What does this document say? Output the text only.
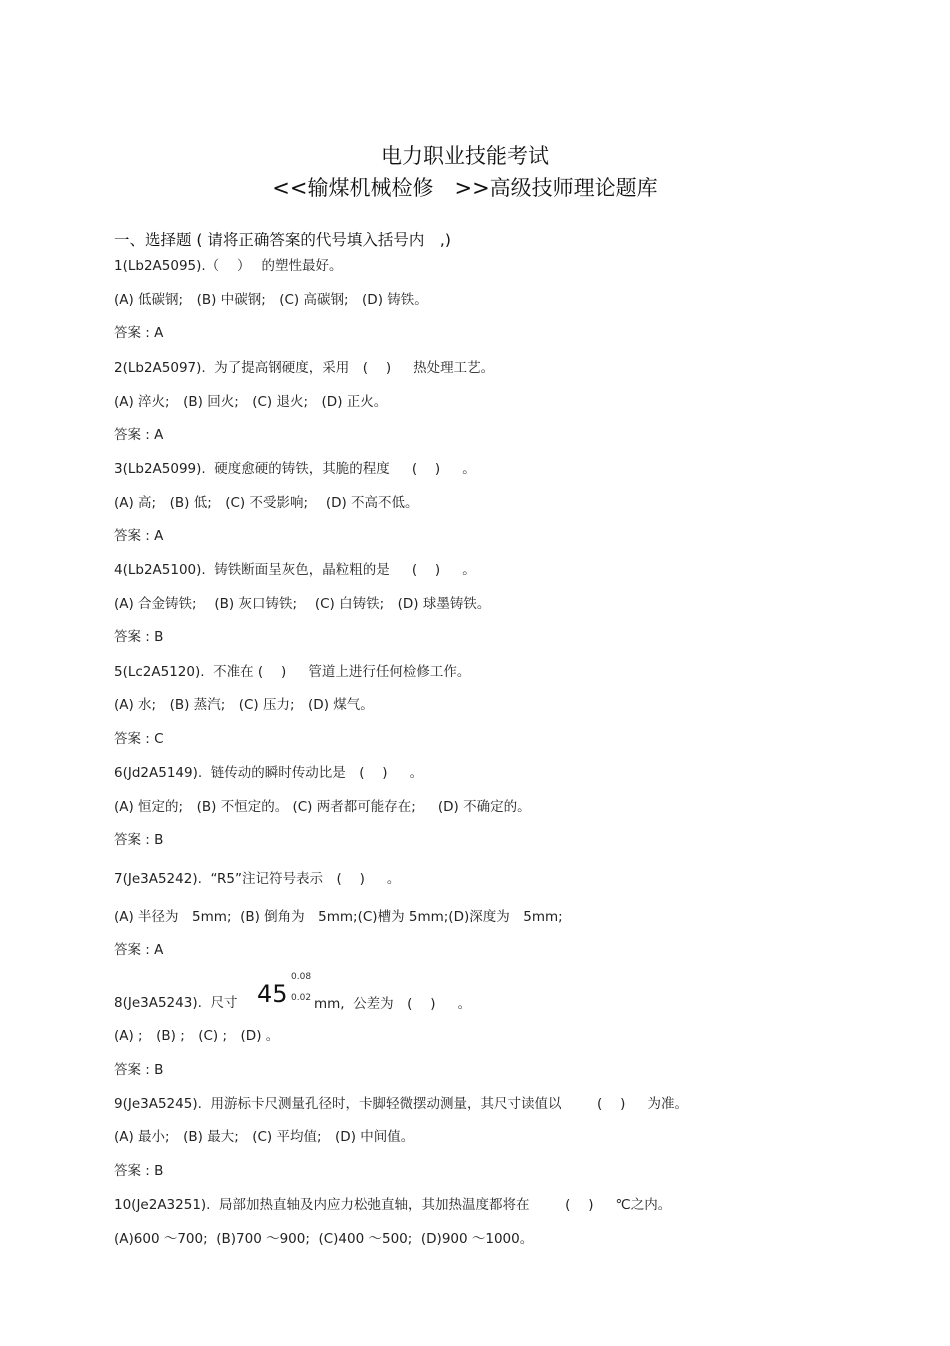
电力职业技能考试
<<输煤机械检修　>>高级技师理论题库
一、选择题 ( 请将正确答案的代号填入括号内　,)
1(Lb2A5095).（　 ）　 的塑性最好。
(A) 低碳钢;　(B) 中碳钢;　(C) 高碳钢;　(D) 铸铁。
答案 : A
2(Lb2A5097).  为了提高钢硬度，采用　(　 )　  热处理工艺。
(A) 淬火;　(B) 回火;　(C) 退火;　(D) 正火。
答案 : A
3(Lb2A5099).  硬度愈硬的铸铁，其脆的程度　  (　 )　  。
(A) 高;　(B) 低;　(C) 不受影响;　 (D) 不高不低。
答案 : A
4(Lb2A5100).  铸铁断面呈灰色，晶粒粗的是　  (　 )　  。
(A) 合金铸铁;　 (B) 灰口铸铁;　 (C) 白铸铁;　(D) 球墨铸铁。
答案 : B
5(Lc2A5120).  不准在 (　 )　  管道上进行任何检修工作。
(A) 水;　(B) 蒸汽;　(C) 压力;　(D) 煤气。
答案 : C
6(Jd2A5149).  链传动的瞬时传动比是　(　 )　  。
(A) 恒定的;　(B) 不恒定的。 (C) 两者都可能存在;　  (D) 不确定的。
答案 : B
7(Je3A5242).  “R5”注记符号表示　(　 )　  。
(A) 半径为　5mm;  (B) 倒角为　5mm;(C)槽为 5mm;(D)深度为　5mm;
答案 : A
8(Je3A5243).  尺寸 45
0.08
0.02 mm,  公差为　(　 )　  。
(A) ;　(B) ;　(C) ;　(D) 。
答案 : B
9(Je3A5245).  用游标卡尺测量孔径时，卡脚轻微摆动测量，其尺寸读值以　　  (　 )　  为准。
(A) 最小;　(B) 最大;　(C) 平均值;　(D) 中间值。
答案 : B
10(Je2A3251).  局部加热直轴及内应力松弛直轴，其加热温度都将在　　  (　 )　  ℃之内。
(A)600 ～700;  (B)700 ～900;  (C)400 ～500;  (D)900 ～1000。
